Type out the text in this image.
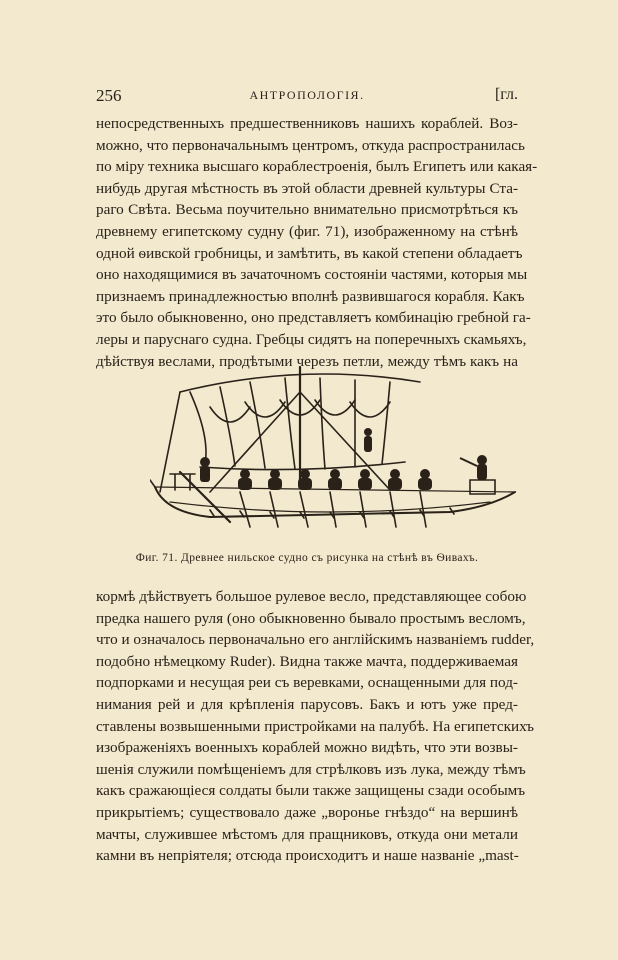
256	АНТРОПОЛОГІЯ.	[гл.
непосредственныхъ предшественниковъ нашихъ кораблей. Воз-
можно, что первоначальнымъ центромъ, откуда распространилась
по міру техника высшаго кораблестроенія, былъ Египетъ или какая-
нибудь другая мѣстность въ этой области древней культуры Ста-
раго Свѣта. Весьма поучительно внимательно присмотрѣться къ
древнему египетскому судну (фиг. 71), изображенному на стѣнѣ
одной ѳивской гробницы, и замѣтить, въ какой степени обладаетъ
оно находящимися въ зачаточномъ состояніи частями, которыя мы
признаемъ принадлежностью вполнѣ развившагося корабля. Какъ
это было обыкновенно, оно представляетъ комбинацію гребной га-
леры и паруснаго судна. Гребцы сидятъ на поперечныхъ скамьяхъ,
дѣйствуя веслами, продѣтыми черезъ петли, между тѣмъ какъ на
Фиг. 71. Древнее нильское судно съ рисунка на стѣнѣ въ Ѳивахъ.
кормѣ дѣйствуетъ большое рулевое весло, представляющее собою
предка нашего руля (оно обыкновенно бывало простымъ весломъ,
что и означалось первоначально его англійскимъ названіемъ rudder,
подобно нѣмецкому Ruder). Видна также мачта, поддерживаемая
подпорками и несущая реи съ веревками, оснащенными для под-
нимания рей и для крѣпленія парусовъ. Бакъ и ютъ уже пред-
ставлены возвышенными пристройками на палубѣ. На египетскихъ
изображеніяхъ военныхъ кораблей можно видѣть, что эти возвы-
шенія служили помѣщеніемъ для стрѣлковъ изъ лука, между тѣмъ
какъ сражающіеся солдаты были также защищены сзади особымъ
прикрытіемъ; существовало даже „воронье гнѣздо“ на вершинѣ
мачты, служившее мѣстомъ для пращниковъ, откуда они метали
камни въ непріятеля; отсюда происходитъ и наше названіе „mast-
